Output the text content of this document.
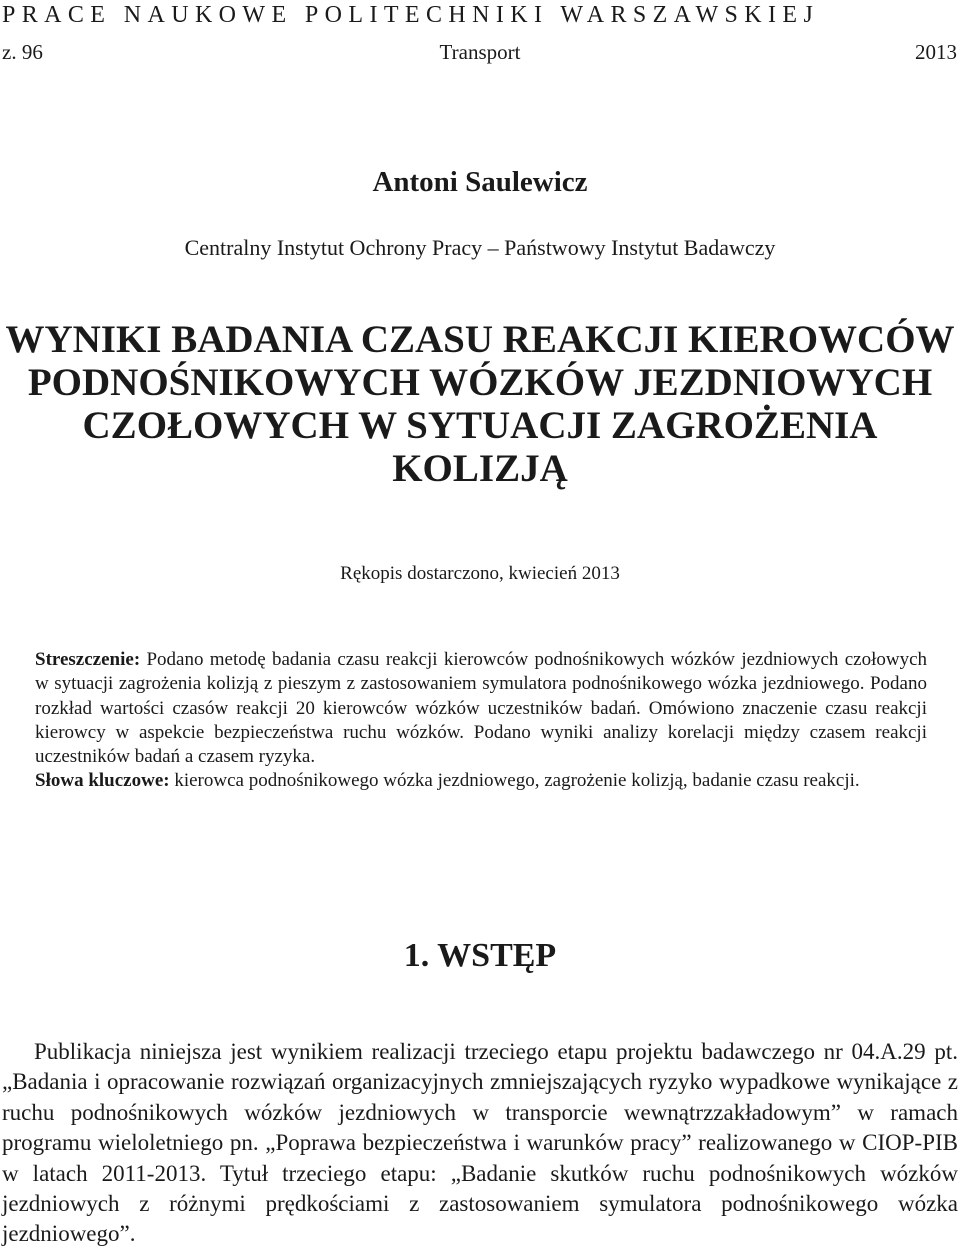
PRACE NAUKOWE POLITECHNIKI WARSZAWSKIEJ
z. 96	Transport	2013
Antoni Saulewicz
Centralny Instytut Ochrony Pracy – Państwowy Instytut Badawczy
WYNIKI BADANIA CZASU REAKCJI KIEROWCÓW
PODNOŚNIKOWYCH WÓZKÓW JEZDNIOWYCH
CZOŁOWYCH W SYTUACJI ZAGROŻENIA
KOLIZJĄ
Rękopis dostarczono, kwiecień 2013

Streszczenie: Podano metodę badania czasu reakcji kierowców podnośnikowych wózków jezdniowych czołowych w sytuacji zagrożenia kolizją z pieszym z zastosowaniem symulatora podnośnikowego wózka jezdniowego. Podano rozkład wartości czasów reakcji 20 kierowców wózków uczestników badań. Omówiono znaczenie czasu reakcji kierowcy w aspekcie bezpieczeństwa ruchu wózków. Podano wyniki analizy korelacji między czasem reakcji uczestników badań a czasem ryzyka.

Słowa kluczowe: kierowca podnośnikowego wózka jezdniowego, zagrożenie kolizją, badanie czasu reakcji.

1. WSTĘP

Publikacja niniejsza jest wynikiem realizacji trzeciego etapu projektu badawczego nr 04.A.29 pt. „Badania i opracowanie rozwiązań organizacyjnych zmniejszających ryzyko wypadkowe wynikające z ruchu podnośnikowych wózków jezdniowych w transporcie wewnątrzzakładowym” w ramach programu wieloletniego pn. „Poprawa bezpieczeństwa i warunków pracy” realizowanego w CIOP-PIB w latach 2011-2013. Tytuł trzeciego etapu: „Badanie skutków ruchu podnośnikowych wózków jezdniowych z różnymi prędkościami z zastosowaniem symulatora podnośnikowego wózka jezdniowego”.
